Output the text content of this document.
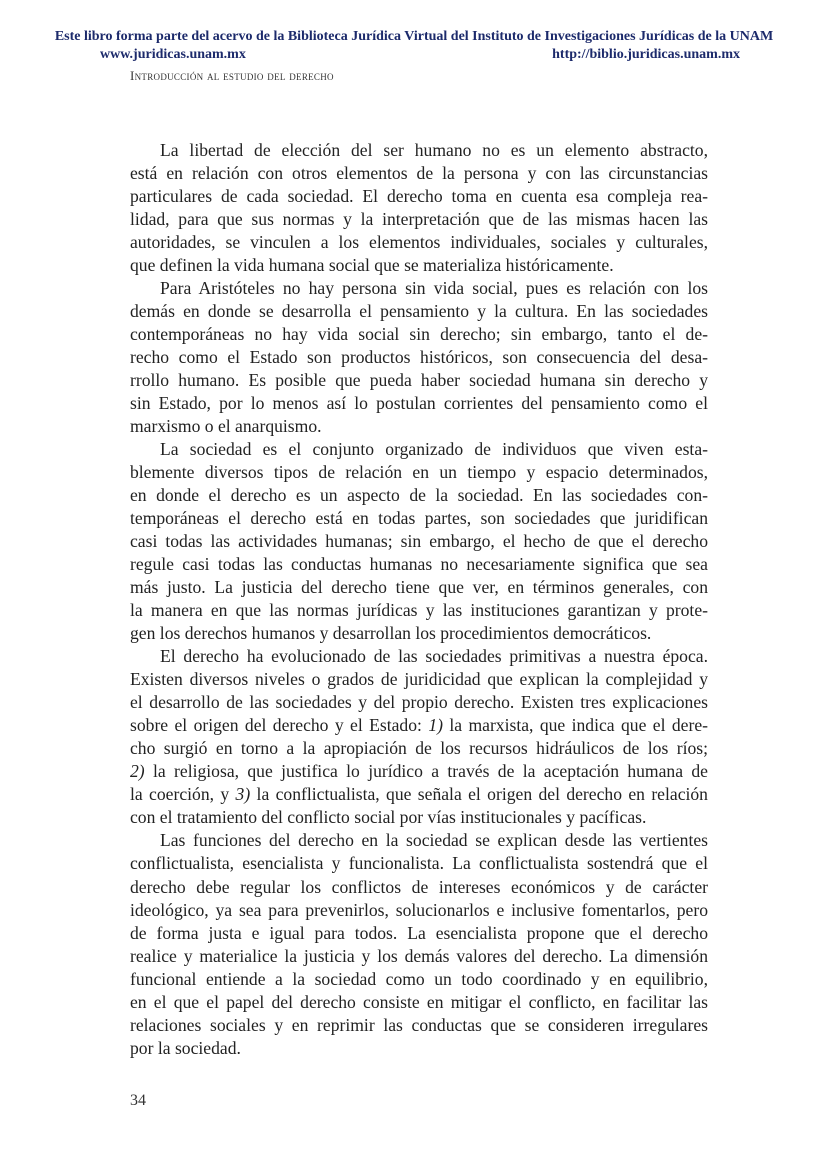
Este libro forma parte del acervo de la Biblioteca Jurídica Virtual del Instituto de Investigaciones Jurídicas de la UNAM
www.juridicas.unam.mx	http://biblio.juridicas.unam.mx
Introducción al estudio del derecho
La libertad de elección del ser humano no es un elemento abstracto,
está en relación con otros elementos de la persona y con las circunstancias
particulares de cada sociedad. El derecho toma en cuenta esa compleja rea-
lidad, para que sus normas y la interpretación que de las mismas hacen las
autoridades, se vinculen a los elementos individuales, sociales y culturales,
que definen la vida humana social que se materializa históricamente.
Para Aristóteles no hay persona sin vida social, pues es relación con los
demás en donde se desarrolla el pensamiento y la cultura. En las sociedades
contemporáneas no hay vida social sin derecho; sin embargo, tanto el de-
recho como el Estado son productos históricos, son consecuencia del desa-
rrollo humano. Es posible que pueda haber sociedad humana sin derecho y
sin Estado, por lo menos así lo postulan corrientes del pensamiento como el
marxismo o el anarquismo.
La sociedad es el conjunto organizado de individuos que viven esta-
blemente diversos tipos de relación en un tiempo y espacio determinados,
en donde el derecho es un aspecto de la sociedad. En las sociedades con-
temporáneas el derecho está en todas partes, son sociedades que juridifican
casi todas las actividades humanas; sin embargo, el hecho de que el derecho
regule casi todas las conductas humanas no necesariamente significa que sea
más justo. La justicia del derecho tiene que ver, en términos generales, con
la manera en que las normas jurídicas y las instituciones garantizan y prote-
gen los derechos humanos y desarrollan los procedimientos democráticos.
El derecho ha evolucionado de las sociedades primitivas a nuestra época.
Existen diversos niveles o grados de juridicidad que explican la complejidad y
el desarrollo de las sociedades y del propio derecho. Existen tres explicaciones
sobre el origen del derecho y el Estado: 1) la marxista, que indica que el dere-
cho surgió en torno a la apropiación de los recursos hidráulicos de los ríos;
2) la religiosa, que justifica lo jurídico a través de la aceptación humana de
la coerción, y 3) la conflictualista, que señala el origen del derecho en relación
con el tratamiento del conflicto social por vías institucionales y pacíficas.
Las funciones del derecho en la sociedad se explican desde las vertientes
conflictualista, esencialista y funcionalista. La conflictualista sostendrá que el
derecho debe regular los conflictos de intereses económicos y de carácter
ideológico, ya sea para prevenirlos, solucionarlos e inclusive fomentarlos, pero
de forma justa e igual para todos. La esencialista propone que el derecho
realice y materialice la justicia y los demás valores del derecho. La dimensión
funcional entiende a la sociedad como un todo coordinado y en equilibrio,
en el que el papel del derecho consiste en mitigar el conflicto, en facilitar las
relaciones sociales y en reprimir las conductas que se consideren irregulares
por la sociedad.
34
